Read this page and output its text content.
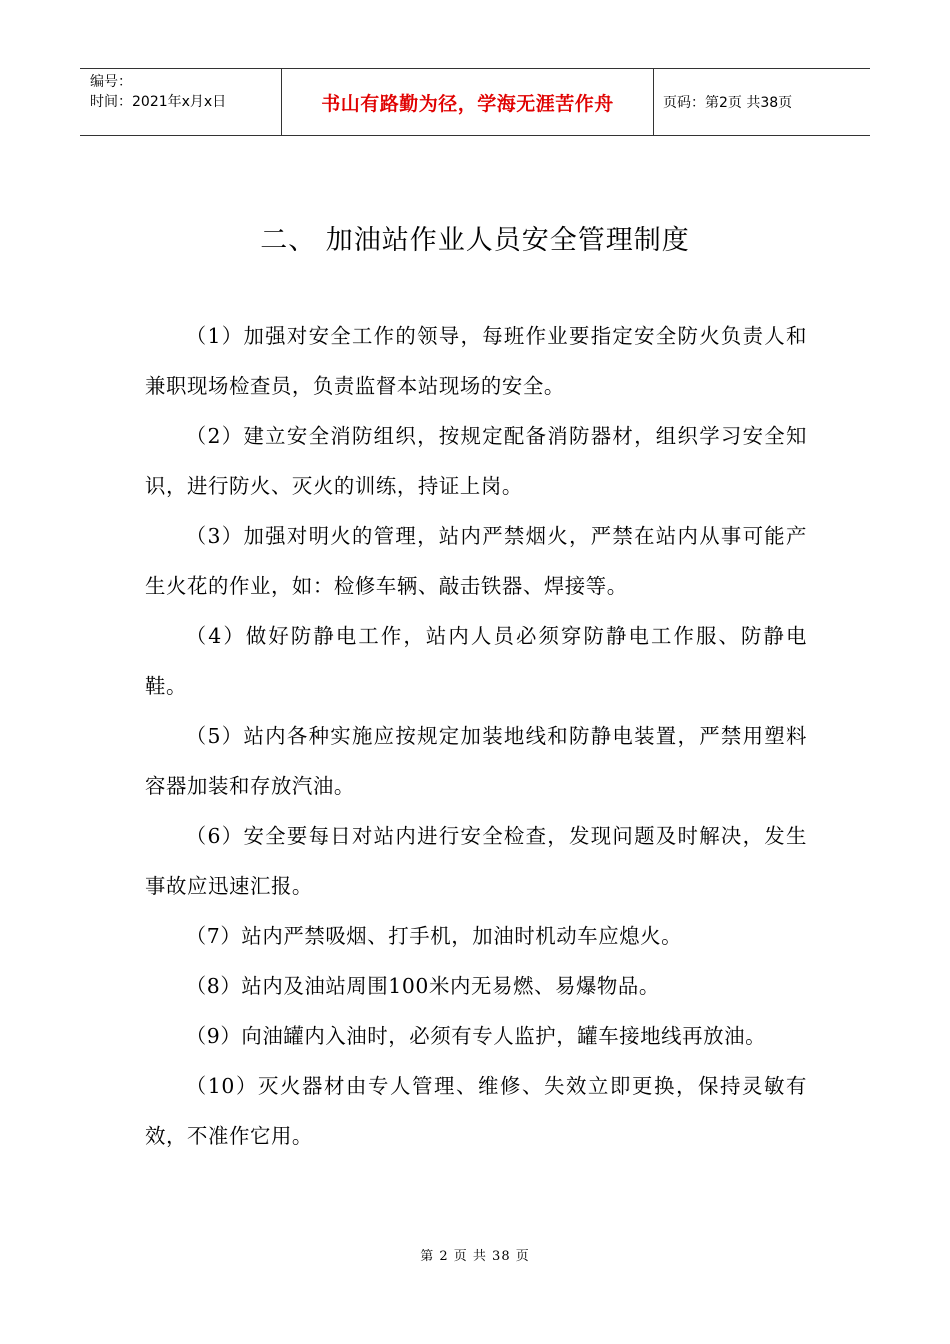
编号：
时间：2021年x月x日	书山有路勤为径，学海无涯苦作舟	页码：第2页 共38页
二、 加油站作业人员安全管理制度

（1）加强对安全工作的领导，每班作业要指定安全防火负责人和兼职现场检查员，负责监督本站现场的安全。

（2）建立安全消防组织，按规定配备消防器材，组织学习安全知识，进行防火、灭火的训练，持证上岗。

（3）加强对明火的管理，站内严禁烟火，严禁在站内从事可能产生火花的作业，如：检修车辆、敲击铁器、焊接等。

（4）做好防静电工作，站内人员必须穿防静电工作服、防静电鞋。

（5）站内各种实施应按规定加装地线和防静电装置，严禁用塑料容器加装和存放汽油。

（6）安全要每日对站内进行安全检查，发现问题及时解决，发生事故应迅速汇报。

（7）站内严禁吸烟、打手机，加油时机动车应熄火。

（8）站内及油站周围100米内无易燃、易爆物品。

（9）向油罐内入油时，必须有专人监护，罐车接地线再放油。

（10）灭火器材由专人管理、维修、失效立即更换，保持灵敏有效，不准作它用。

第 2 页 共 38 页
